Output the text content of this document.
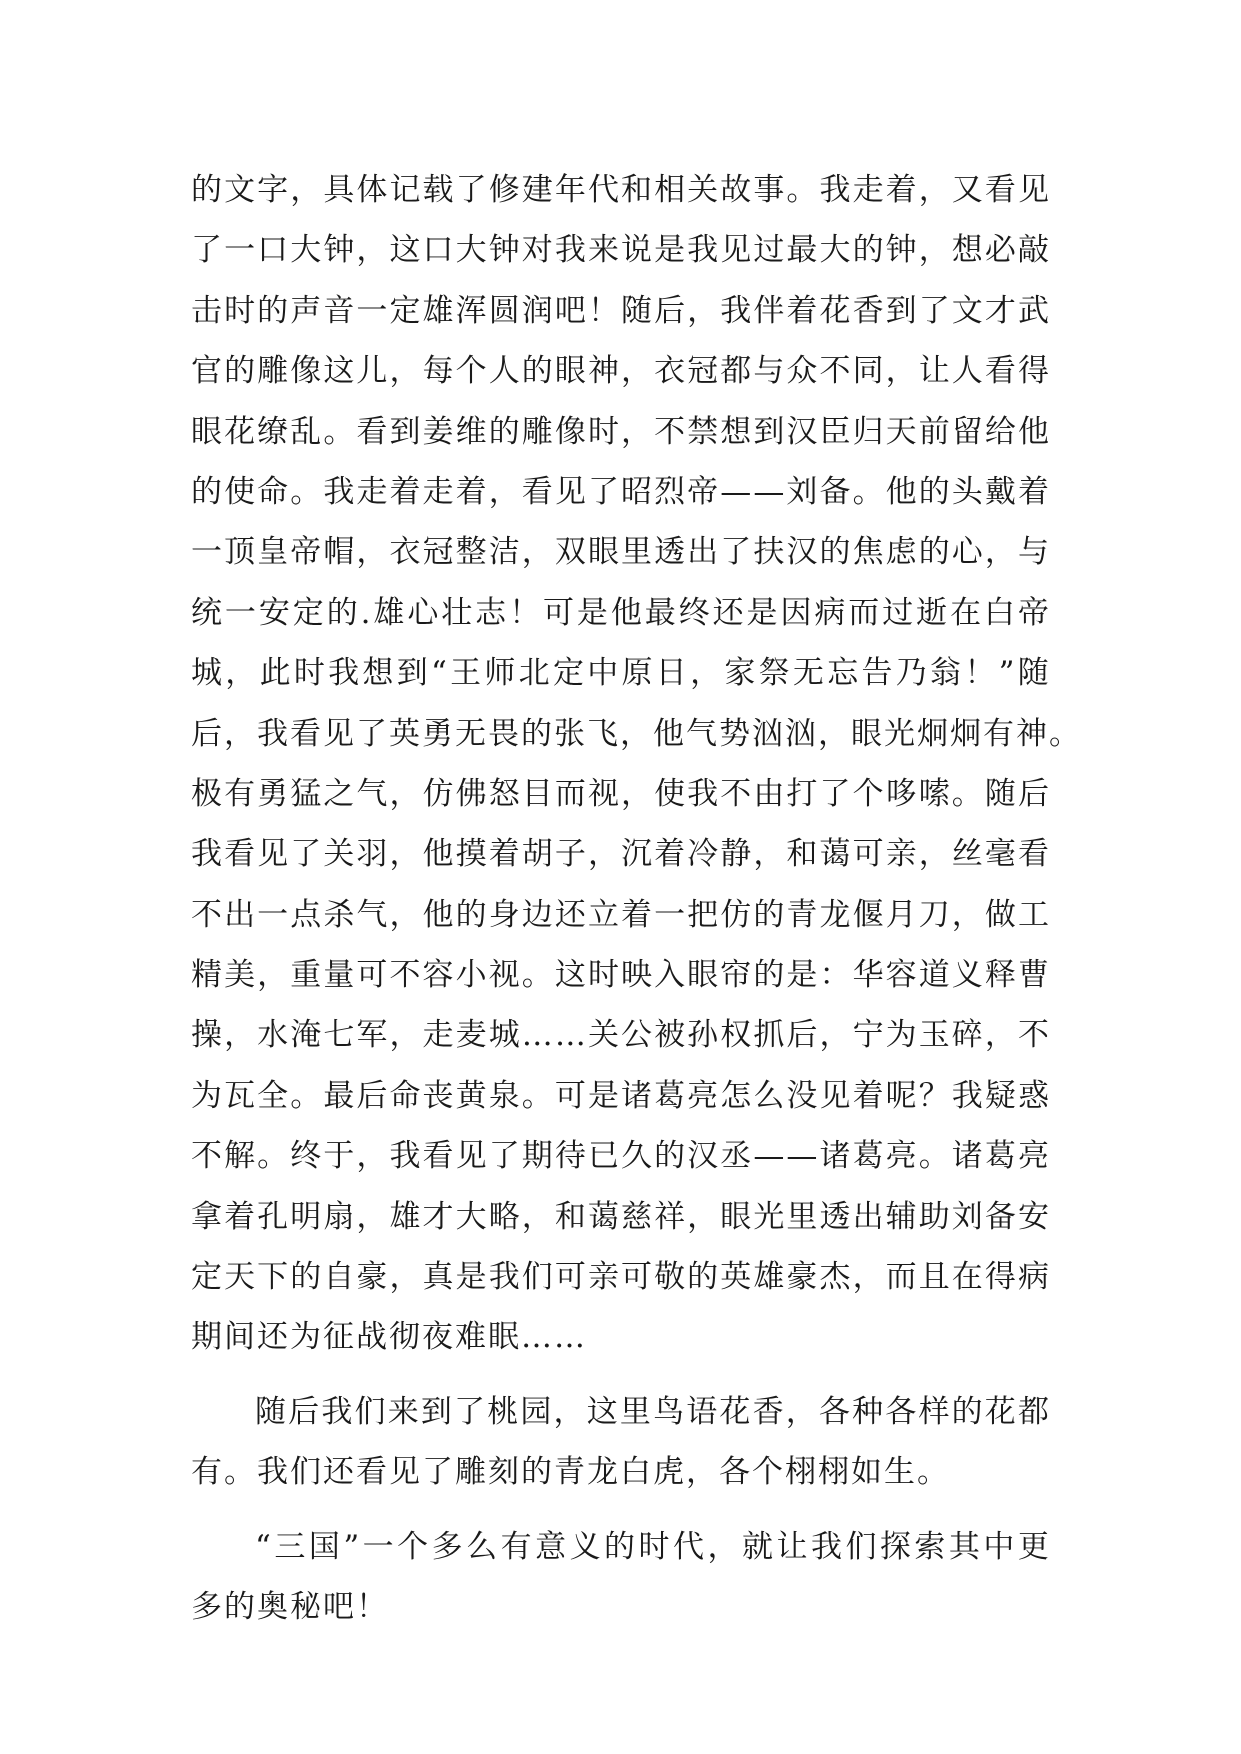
的 文 字 ， 具 体 记 载 了 修 建 年 代 和 相 关 故 事 。 我 走 着 ， 又 看 见
了 一 口 大 钟 ， 这 口 大 钟 对 我 来 说 是 我 见 过 最 大 的 钟 ， 想 必 敲
击 时 的 声 音 一 定 雄 浑 圆 润 吧 ！ 随 后 ， 我 伴 着 花 香 到 了 文 才 武
官 的 雕 像 这 儿 ， 每 个 人 的 眼 神 ， 衣 冠 都 与 众 不 同 ， 让 人 看 得
眼 花 缭 乱 。 看 到 姜 维 的 雕 像 时 ， 不 禁 想 到 汉 臣 归 天 前 留 给 他
的 使 命 。 我 走 着 走 着 ， 看 见 了 昭 烈 帝 — — 刘 备 。 他 的 头 戴 着
一 顶 皇 帝 帽 ， 衣 冠 整 洁 ， 双 眼 里 透 出 了 扶 汉 的 焦 虑 的 心 ， 与
统 一 安 定 的 . 雄 心 壮 志 ！ 可 是 他 最 终 还 是 因 病 而 过 逝 在 白 帝
城 ， 此 时 我 想 到 “ 王 师 北 定 中 原 日 ， 家 祭 无 忘 告 乃 翁 ！ ” 随
后 ， 我 看 见 了 英 勇 无 畏 的 张 飞 ， 他 气 势 汹 汹 ， 眼 光 炯 炯 有 神 。
极 有 勇 猛 之 气 ， 仿 佛 怒 目 而 视 ， 使 我 不 由 打 了 个 哆 嗦 。 随 后
我 看 见 了 关 羽 ， 他 摸 着 胡 子 ， 沉 着 冷 静 ， 和 蔼 可 亲 ， 丝 毫 看
不 出 一 点 杀 气 ， 他 的 身 边 还 立 着 一 把 仿 的 青 龙 偃 月 刀 ， 做 工
精 美 ， 重 量 可 不 容 小 视 。 这 时 映 入 眼 帘 的 是 ： 华 容 道 义 释 曹
操 ， 水 淹 七 军 ， 走 麦 城 … … 关 公 被 孙 权 抓 后 ， 宁 为 玉 碎 ， 不
为 瓦 全 。 最 后 命 丧 黄 泉 。 可 是 诸 葛 亮 怎 么 没 见 着 呢 ？ 我 疑 惑
不 解 。 终 于 ， 我 看 见 了 期 待 已 久 的 汉 丞 — — 诸 葛 亮 。 诸 葛 亮
拿 着 孔 明 扇 ， 雄 才 大 略 ， 和 蔼 慈 祥 ， 眼 光 里 透 出 辅 助 刘 备 安
定 天 下 的 自 豪 ， 真 是 我 们 可 亲 可 敬 的 英 雄 豪 杰 ， 而 且 在 得 病
期间还为征战彻夜难眠……
随 后 我 们 来 到 了 桃 园 ， 这 里 鸟 语 花 香 ， 各 种 各 样 的 花 都
有。我们还看见了雕刻的青龙白虎，各个栩栩如生。
“ 三 国 ” 一 个 多 么 有 意 义 的 时 代 ， 就 让 我 们 探 索 其 中 更
多的奥秘吧！
